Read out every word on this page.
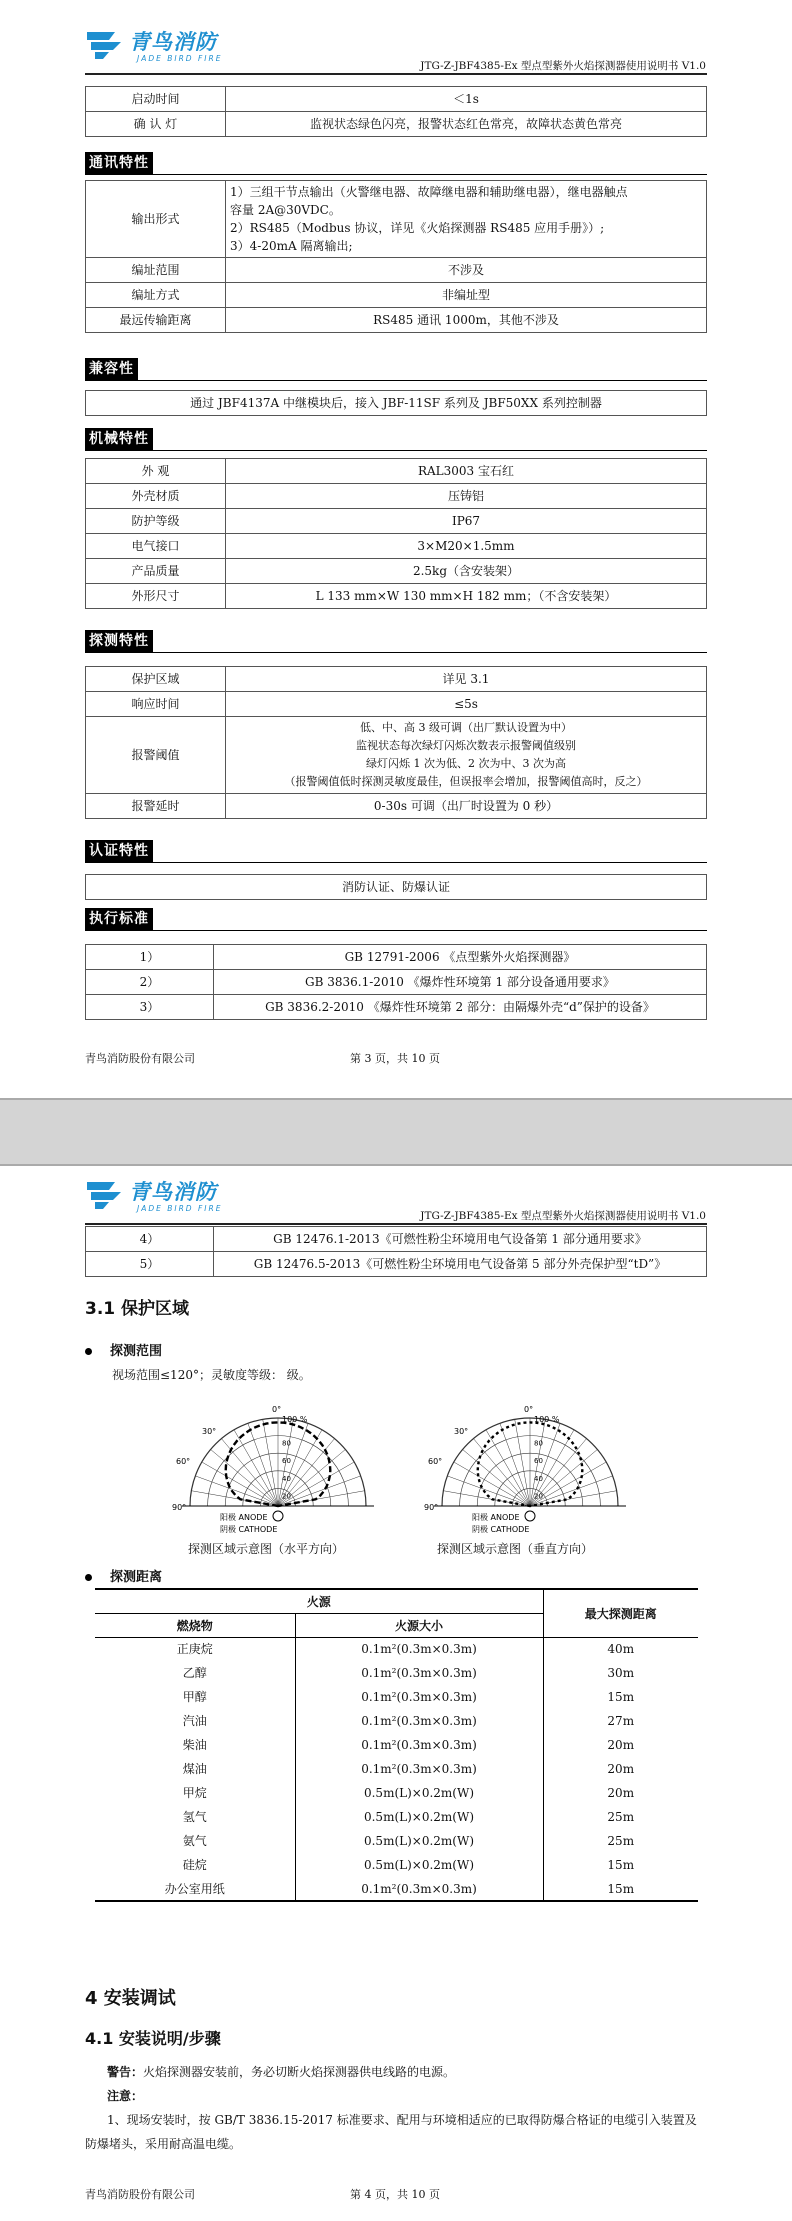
青鸟消防
JADE BIRD FIRE
JTG-Z-JBF4385-Ex 型点型紫外火焰探测器使用说明书 V1.0
启动时间	＜1s
确 认 灯	监视状态绿色闪亮，报警状态红色常亮，故障状态黄色常亮
通讯特性
输出形式	1）三组干节点输出（火警继电器、故障继电器和辅助继电器），继电器触点
容量 2A@30VDC。
2）RS485（Modbus 协议，详见《火焰探测器 RS485 应用手册》）;
3）4-20mA 隔离输出;

编址范围	不涉及
编址方式	非编址型
最远传输距离	RS485 通讯 1000m，其他不涉及
兼容性
通过 JBF4137A 中继模块后，接入 JBF-11SF 系列及 JBF50XX 系列控制器
机械特性
外 观	RAL3003 宝石红
外壳材质	压铸铝
防护等级	IP67
电气接口	3×M20×1.5mm
产品质量	2.5kg（含安装架）
外形尺寸	L 133 mm×W 130 mm×H 182 mm；（不含安装架）
探测特性
保护区域	详见 3.1
响应时间	≤5s
报警阈值	低、中、高 3 级可调（出厂默认设置为中）
监视状态每次绿灯闪烁次数表示报警阈值级别
绿灯闪烁 1 次为低、2 次为中、3 次为高
（报警阈值低时探测灵敏度最佳，但误报率会增加，报警阈值高时，反之）

报警延时	0-30s 可调（出厂时设置为 0 秒）
认证特性
消防认证、防爆认证
执行标准
1）	GB 12791-2006 《点型紫外火焰探测器》
2）	GB 3836.1-2010 《爆炸性环境第 1 部分设备通用要求》
3）	GB 3836.2-2010 《爆炸性环境第 2 部分：由隔爆外壳“d”保护的设备》
青鸟消防股份有限公司	第 3 页，共 10 页
青鸟消防
JADE BIRD FIRE
JTG-Z-JBF4385-Ex 型点型紫外火焰探测器使用说明书 V1.0
4）	GB 12476.1-2013《可燃性粉尘环境用电气设备第 1 部分通用要求》
5）	GB 12476.5-2013《可燃性粉尘环境用电气设备第 5 部分外壳保护型“tD”》
3.1 保护区域
探测范围
视场范围≤120°；灵敏度等级： 级。
0°
100 %
30°
60°
90°
80
60
40
20
阳极 ANODE
阴极 CATHODE
0°
100 %
30°
60°
90°
80
60
40
20
阳极 ANODE
阴极 CATHODE
探测区域示意图（水平方向）	探测区域示意图（垂直方向）
探测距离
火源		最大探测距离
燃烧物	火源大小	
正庚烷	0.1m²(0.3m×0.3m)	40m
乙醇	0.1m²(0.3m×0.3m)	30m
甲醇	0.1m²(0.3m×0.3m)	15m
汽油	0.1m²(0.3m×0.3m)	27m
柴油	0.1m²(0.3m×0.3m)	20m
煤油	0.1m²(0.3m×0.3m)	20m
甲烷	0.5m(L)×0.2m(W)	20m
氢气	0.5m(L)×0.2m(W)	25m
氨气	0.5m(L)×0.2m(W)	25m
硅烷	0.5m(L)×0.2m(W)	15m
办公室用纸	0.1m²(0.3m×0.3m)	15m
4 安装调试
4.1 安装说明/步骤
警告：火焰探测器安装前，务必切断火焰探测器供电线路的电源。
注意：
1、现场安装时，按 GB/T 3836.15-2017 标准要求、配用与环境相适应的已取得防爆合格证的电缆引入装置及防爆堵头，采用耐高温电缆。
青鸟消防股份有限公司	第 4 页，共 10 页
